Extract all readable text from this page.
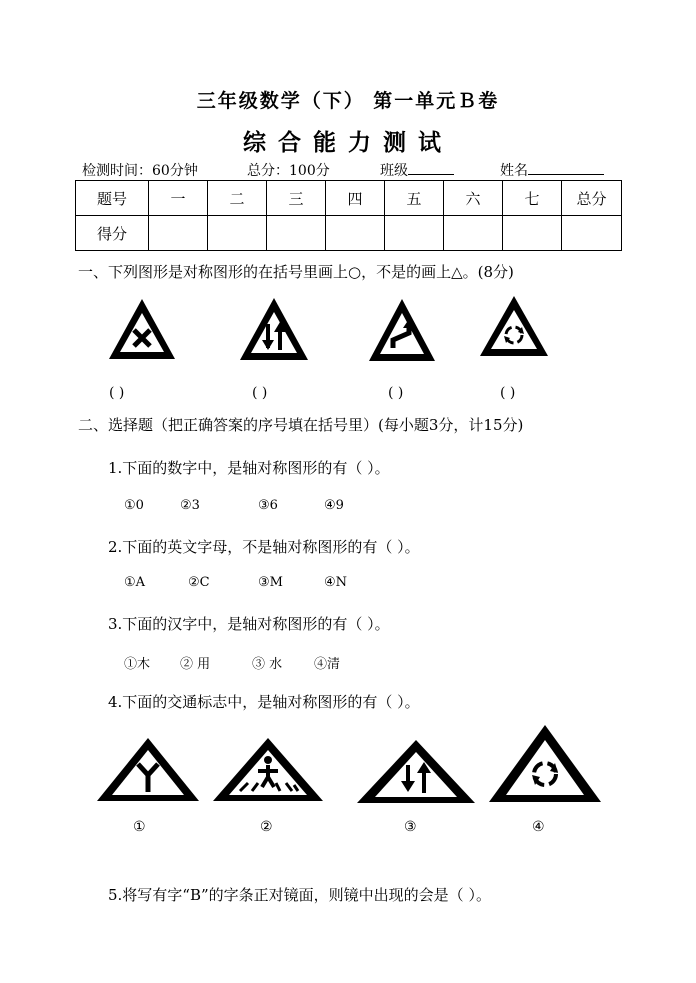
三年级数学（下） 第一单元Ｂ卷
综合能力测试
检测时间：60分钟	总分：100分	班级	姓名
题号	一	二	三	四	五	六	七	总分
得分								
一、下列图形是对称图形的在括号里画上○，不是的画上△。(8分)
( )	( )	( )	( )
二、选择题（把正确答案的序号填在括号里）(每小题3分，计15分)
1.下面的数字中，是轴对称图形的有（ ）。
①0	②3	③6	④9
2.下面的英文字母，不是轴对称图形的有（ ）。
①A	②C	③M	④N
3.下面的汉字中，是轴对称图形的有（ ）。
①木 ② 用	③ 水 ④清
4.下面的交通标志中，是轴对称图形的有（ ）。
①	②	③	④
5.将写有字“B”的字条正对镜面，则镜中出现的会是（ ）。
